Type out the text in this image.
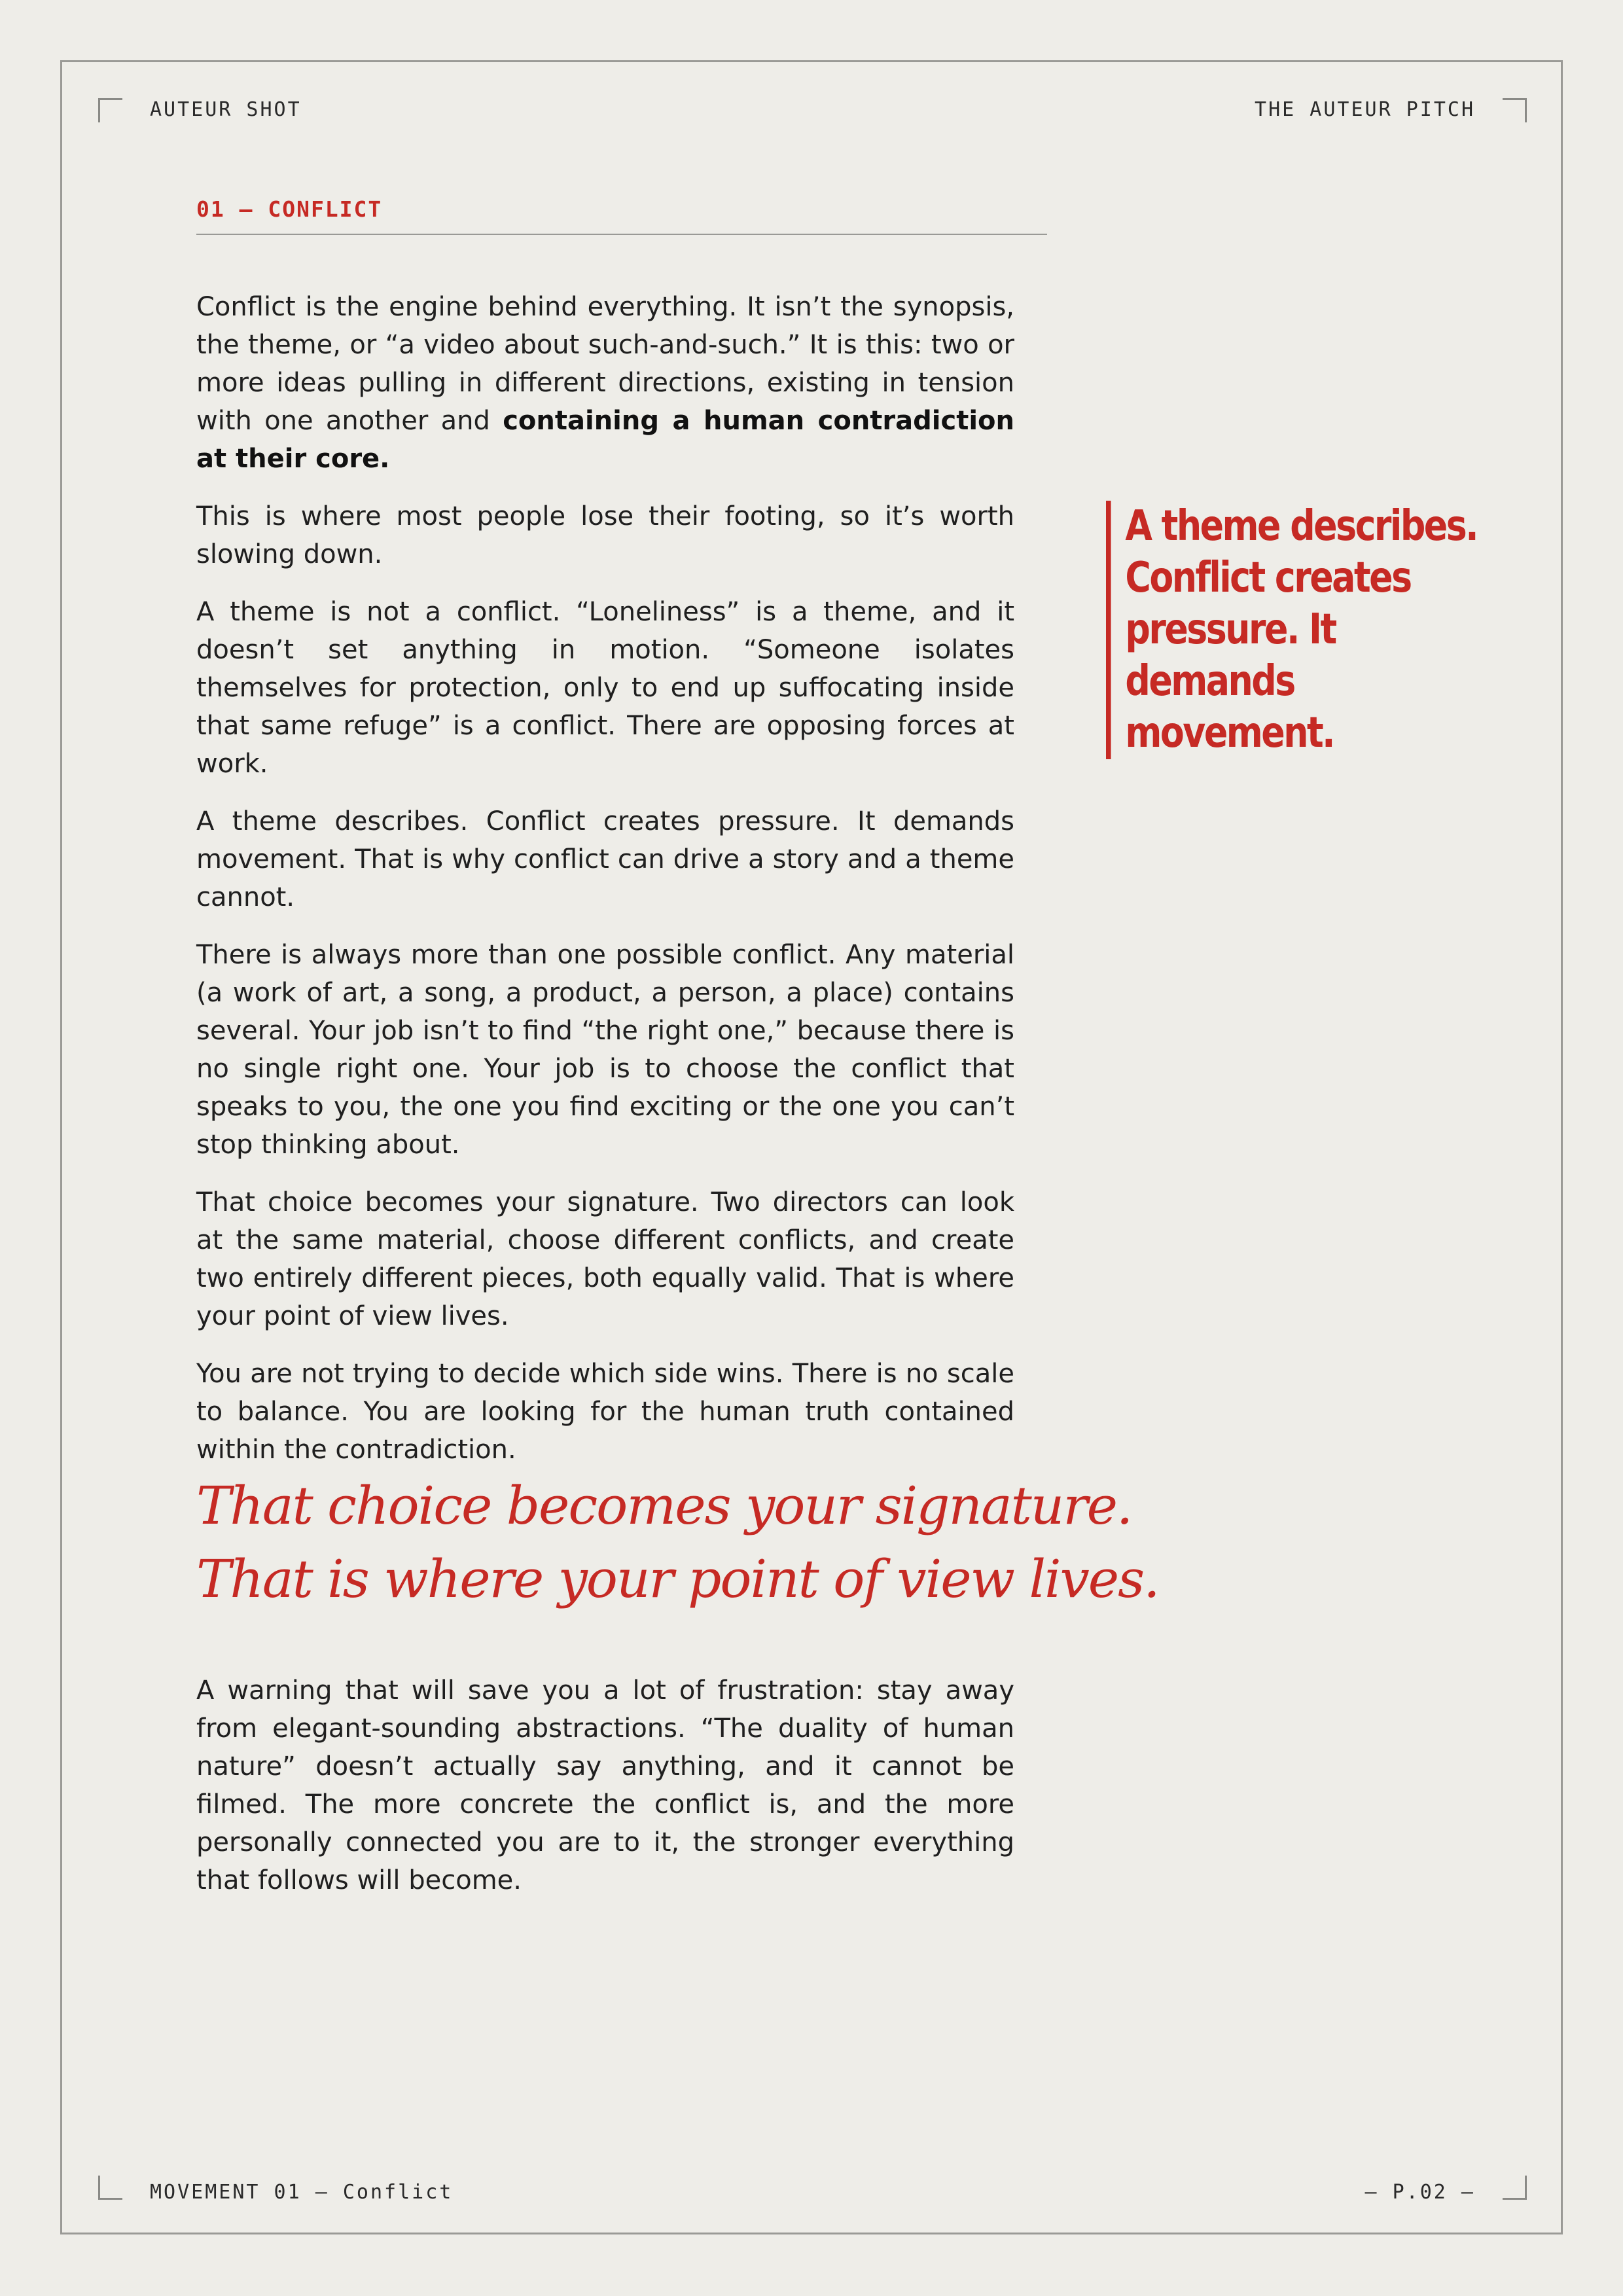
AUTEUR SHOT	THE AUTEUR PITCH
01 — CONFLICT

Conflict is the engine behind everything. It isn’t the synopsis, the theme, or “a video about such-and-such.” It is this: two or more ideas pulling in different directions, existing in tension with one another and containing a human contradiction at their core.

This is where most people lose their footing, so it’s worth slowing down.

A theme is not a conflict. “Loneliness” is a theme, and it doesn’t set anything in motion. “Someone isolates themselves for protection, only to end up suffocating inside that same refuge” is a conflict. There are opposing forces at work.

A theme describes. Conflict creates pressure. It demands movement. That is why conflict can drive a story and a theme cannot.

There is always more than one possible conflict. Any material (a work of art, a song, a product, a person, a place) contains several. Your job isn’t to find “the right one,” because there is no single right one. Your job is to choose the conflict that speaks to you, the one you find exciting or the one you can’t stop thinking about.

That choice becomes your signature. Two directors can look at the same material, choose different conflicts, and create two entirely different pieces, both equally valid. That is where your point of view lives.

You are not trying to decide which side wins. There is no scale to balance. You are looking for the human truth contained within the contradiction.

A theme describes. Conflict creates pressure. It demands movement.
That choice becomes your signature.
That is where your point of view lives.

A warning that will save you a lot of frustration: stay away from elegant-sounding abstractions. “The duality of human nature” doesn’t actually say anything, and it cannot be filmed. The more concrete the conflict is, and the more personally connected you are to it, the stronger everything that follows will become.

MOVEMENT 01 — Conflict	— P.02 —
